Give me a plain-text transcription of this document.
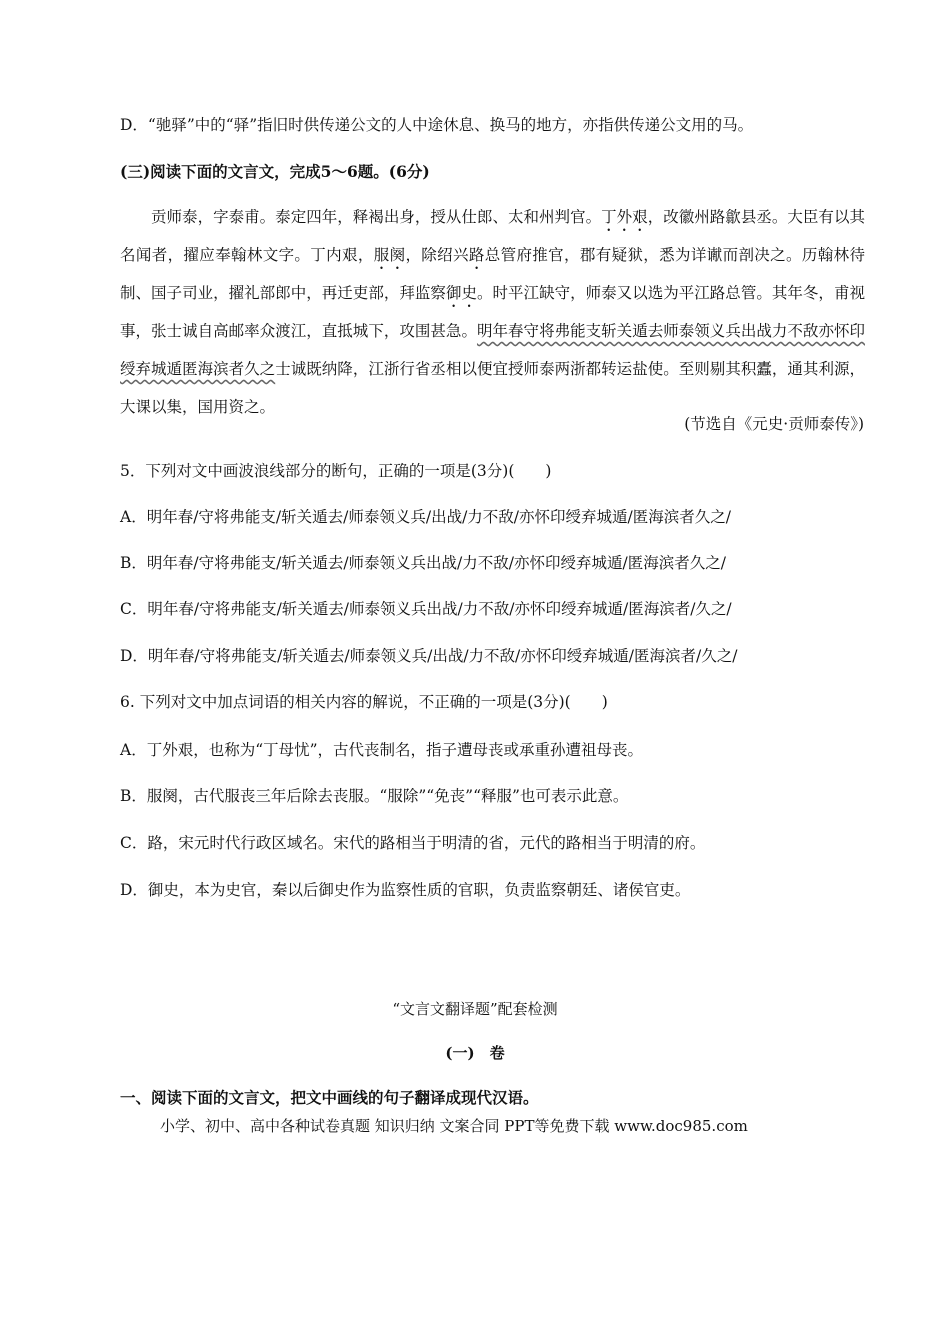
D．“驰驿”中的“驿”指旧时供传递公文的人中途休息、换马的地方，亦指供传递公文用的马。
(三)阅读下面的文言文，完成5～6题。(6分)

贡师泰，字泰甫。泰定四年，释褐出身，授从仕郎、太和州判官。丁外艰，改徽州路歙县丞。大臣有以其名闻者，擢应奉翰林文字。丁内艰，服阕，除绍兴路总管府推官，郡有疑狱，悉为详谳而剖决之。历翰林待制、国子司业，擢礼部郎中，再迁吏部，拜监察御史。时平江缺守，师泰又以选为平江路总管。其年冬，甫视事，张士诚自高邮率众渡江，直抵城下，攻围甚急。明年春守将弗能支斩关遁去师泰领义兵出战力不敌亦怀印绶弃城遁匿海滨者久之士诚既纳降，江浙行省丞相以便宜授师泰两浙都转运盐使。至则剔其积蠹，通其利源，大课以集，国用资之。

(节选自《元史·贡师泰传》)
5．下列对文中画波浪线部分的断句，正确的一项是(3分)(　　)
A．明年春/守将弗能支/斩关遁去/师泰领义兵/出战/力不敌/亦怀印绶弃城遁/匿海滨者久之/
B．明年春/守将弗能支/斩关遁去/师泰领义兵出战/力不敌/亦怀印绶弃城遁/匿海滨者久之/
C．明年春/守将弗能支/斩关遁去/师泰领义兵出战/力不敌/亦怀印绶弃城遁/匿海滨者/久之/
D．明年春/守将弗能支/斩关遁去/师泰领义兵/出战/力不敌/亦怀印绶弃城遁/匿海滨者/久之/
6. 下列对文中加点词语的相关内容的解说，不正确的一项是(3分)(　　)
A．丁外艰，也称为“丁母忧”，古代丧制名，指子遭母丧或承重孙遭祖母丧。
B．服阕，古代服丧三年后除去丧服。“服除”“免丧”“释服”也可表示此意。
C．路，宋元时代行政区域名。宋代的路相当于明清的省，元代的路相当于明清的府。
D．御史，本为史官，秦以后御史作为监察性质的官职，负责监察朝廷、诸侯官吏。
“文言文翻译题”配套检测
(一)　卷
一、阅读下面的文言文，把文中画线的句子翻译成现代汉语。
小学、初中、高中各种试卷真题 知识归纳 文案合同 PPT等免费下载 www.doc985.com
